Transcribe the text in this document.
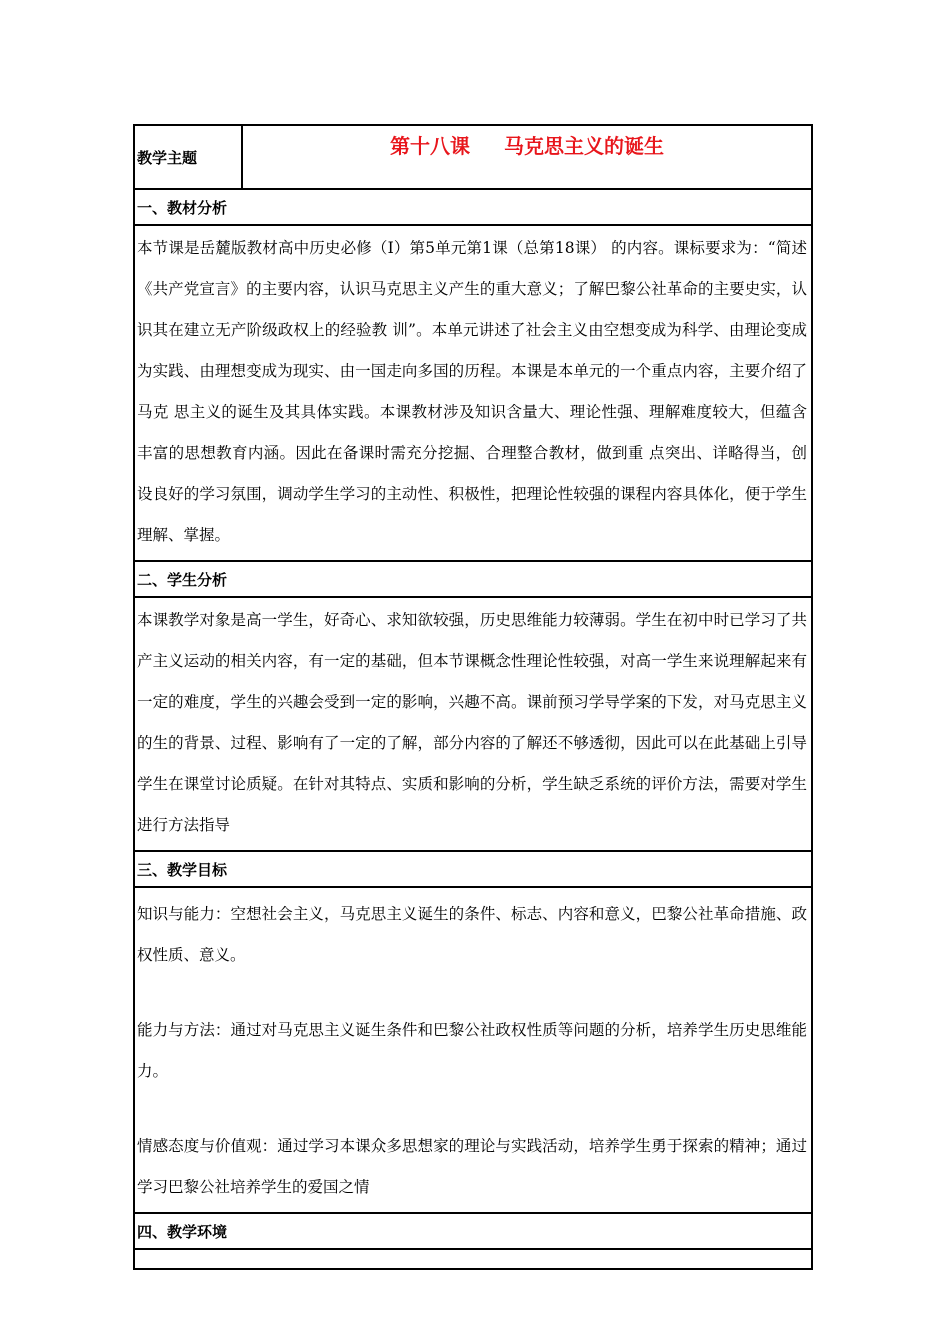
教学主题	第十八课 马克思主义的诞生
一、教材分析
本节课是岳麓版教材高中历史必修（I）第5单元第1课（总第18课） 的内容。课标要求为：“简述《共产党宣言》的主要内容，认识马克思主义产生的重大意义；了解巴黎公社革命的主要史实，认识其在建立无产阶级政权上的经验教 训”。本单元讲述了社会主义由空想变成为科学、由理论变成为实践、由理想变成为现实、由一国走向多国的历程。本课是本单元的一个重点内容，主要介绍了马克 思主义的诞生及其具体实践。本课教材涉及知识含量大、理论性强、理解难度较大，但蕴含丰富的思想教育内涵。因此在备课时需充分挖掘、合理整合教材，做到重 点突出、详略得当，创设良好的学习氛围，调动学生学习的主动性、积极性，把理论性较强的课程内容具体化，便于学生理解、掌握。
二、学生分析
本课教学对象是高一学生，好奇心、求知欲较强，历史思维能力较薄弱。学生在初中时已学习了共产主义运动的相关内容，有一定的基础，但本节课概念性理论性较强，对高一学生来说理解起来有一定的难度，学生的兴趣会受到一定的影响，兴趣不高。课前预习学导学案的下发，对马克思主义的生的背景、过程、影响有了一定的了解，部分内容的了解还不够透彻，因此可以在此基础上引导学生在课堂讨论质疑。在针对其特点、实质和影响的分析，学生缺乏系统的评价方法，需要对学生进行方法指导
三、教学目标

知识与能力：空想社会主义，马克思主义诞生的条件、标志、内容和意义，巴黎公社革命措施、政权性质、意义。

能力与方法：通过对马克思主义诞生条件和巴黎公社政权性质等问题的分析，培养学生历史思维能力。

情感态度与价值观：通过学习本课众多思想家的理论与实践活动，培养学生勇于探索的精神；通过学习巴黎公社培养学生的爱国之情

四、教学环境
